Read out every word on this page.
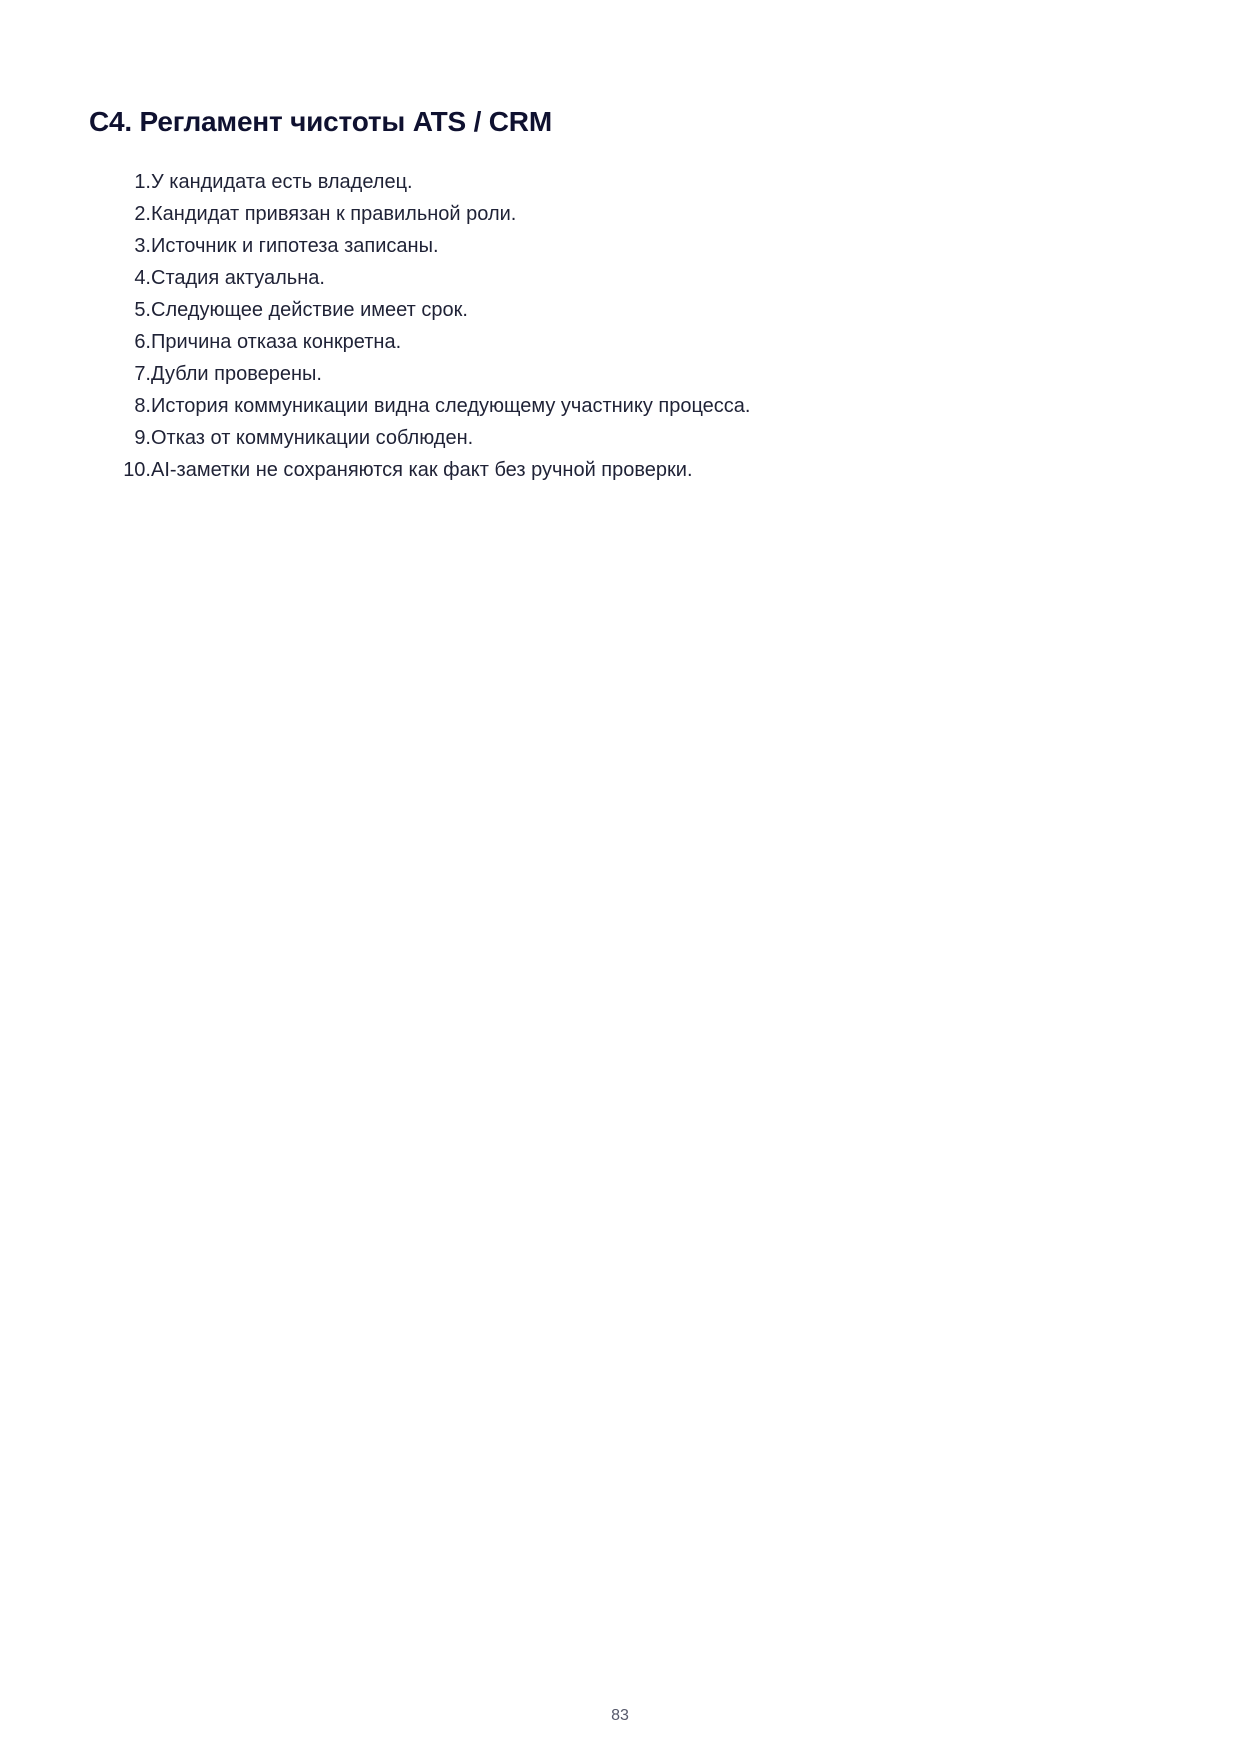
C4. Регламент чистоты ATS / CRM
1. У кандидата есть владелец.
2. Кандидат привязан к правильной роли.
3. Источник и гипотеза записаны.
4. Стадия актуальна.
5. Следующее действие имеет срок.
6. Причина отказа конкретна.
7. Дубли проверены.
8. История коммуникации видна следующему участнику процесса.
9. Отказ от коммуникации соблюден.
10. AI-заметки не сохраняются как факт без ручной проверки.
83
